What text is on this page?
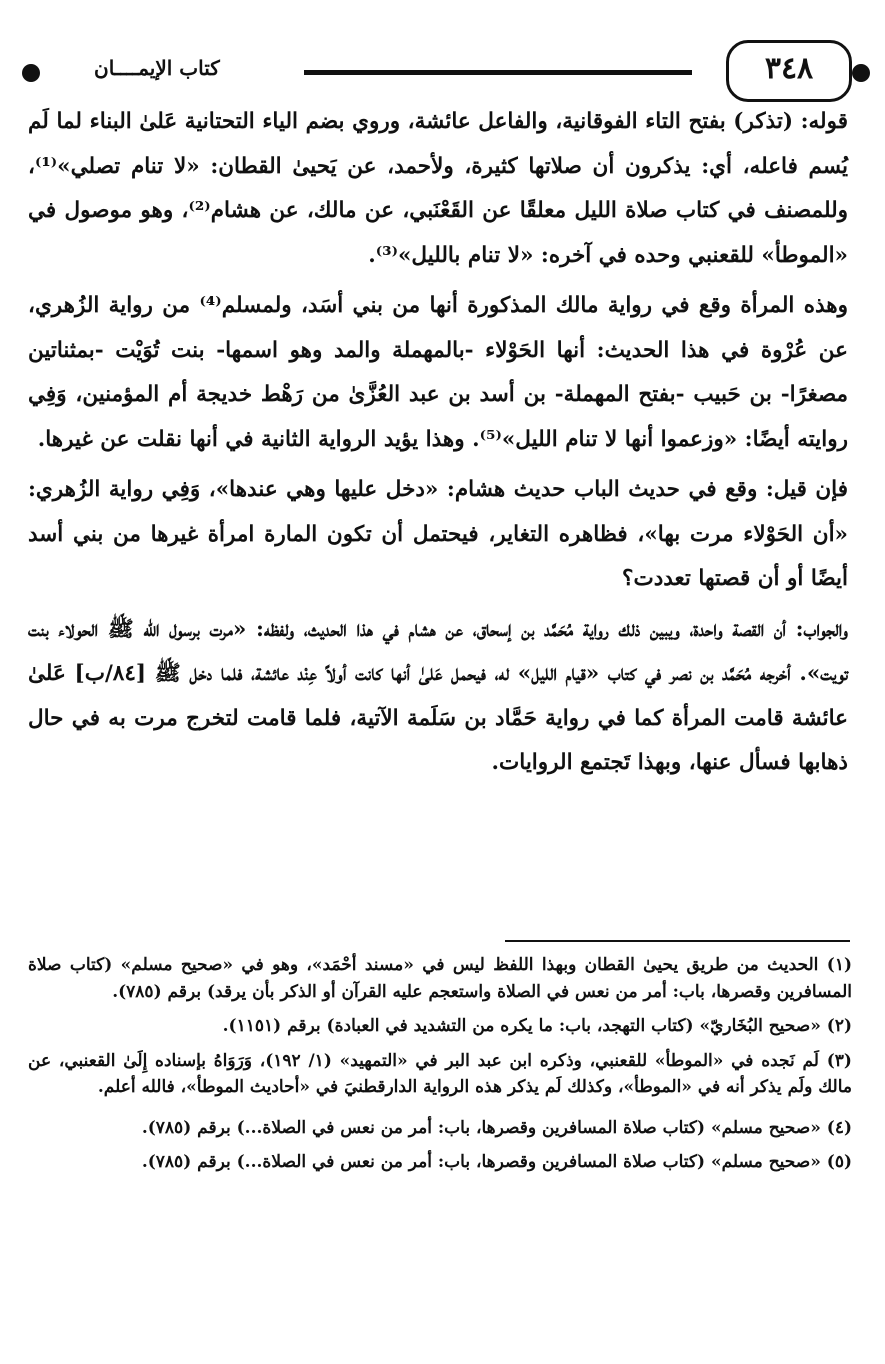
كتاب الإيمــــان	٣٤٨

قوله: (تذكر) بفتح التاء الفوقانية، والفاعل عائشة، وروي بضم الياء التحتانية عَلىٰ البناء لما لَم يُسم فاعله، أي: يذكرون أن صلاتها كثيرة، ولأحمد، عن يَحيىٰ القطان: «لا تنام تصلي»⁽¹⁾، وللمصنف في كتاب صلاة الليل معلقًا عن القَعْنَبي، عن مالك، عن هشام⁽²⁾، وهو موصول في «الموطأ» للقعنبي وحده في آخره: «لا تنام بالليل»⁽³⁾.

وهذه المرأة وقع في رواية مالك المذكورة أنها من بني أسَد، ولمسلم⁽⁴⁾ من رواية الزُهري، عن عُرْوة في هذا الحديث: أنها الحَوْلاء -بالمهملة والمد وهو اسمها- بنت تُوَيْت -بمثناتين مصغرًا- بن حَبيب -بفتح المهملة- بن أسد بن عبد العُزَّىٰ من رَهْط خديجة أم المؤمنين، وَفِي روايته أيضًا: «وزعموا أنها لا تنام الليل»⁽⁵⁾. وهذا يؤيد الرواية الثانية في أنها نقلت عن غيرها.

فإن قيل: وقع في حديث الباب حديث هشام: «دخل عليها وهي عندها»، وَفِي رواية الزُهري: «أن الحَوْلاء مرت بها»، فظاهره التغاير، فيحتمل أن تكون المارة امرأة غيرها من بني أسد أيضًا أو أن قصتها تعددت؟

والجواب: أن القصة واحدة، ويبين ذلك رواية مُحَمَّد بن إسحاق، عن هشام في هذا الحديث، ولفظه: «مرت برسول الله ﷺ الحولاء بنت تويت». أخرجه مُحَمَّد بن نصر في كتاب «قيام الليل» له، فيحمل عَلىٰ أنها كانت أولاً عِنْد عائشة، فلما دخل ﷺ [٨٤/ب] عَلىٰ عائشة قامت المرأة كما في رواية حَمَّاد بن سَلَمة الآتية، فلما قامت لتخرج مرت به في حال ذهابها فسأل عنها، وبهذا تَجتمع الروايات.

(١) الحديث من طريق يحيىٰ القطان وبهذا اللفظ ليس في «مسند أحْمَد»، وهو في «صحيح مسلم» (كتاب صلاة المسافرين وقصرها، باب: أمر من نعس في الصلاة واستعجم عليه القرآن أو الذكر بأن يرقد) برقم (٧٨٥).

(٢) «صحيح البُخَاريّ» (كتاب التهجد، باب: ما يكره من التشديد في العبادة) برقم (١١٥١).

(٣) لَم نَجده في «الموطأ» للقعنبي، وذكره ابن عبد البر في «التمهيد» (١/ ١٩٢)، وَرَوَاهُ بإسناده إِلَىٰ القعنبي، عن مالك ولَم يذكر أنه في «الموطأ»، وكذلك لَم يذكر هذه الرواية الدارقطنيَ في «أحاديث الموطأ»، فالله أعلم.

(٤) «صحيح مسلم» (كتاب صلاة المسافرين وقصرها، باب: أمر من نعس في الصلاة...) برقم (٧٨٥).

(٥) «صحيح مسلم» (كتاب صلاة المسافرين وقصرها، باب: أمر من نعس في الصلاة...) برقم (٧٨٥).
